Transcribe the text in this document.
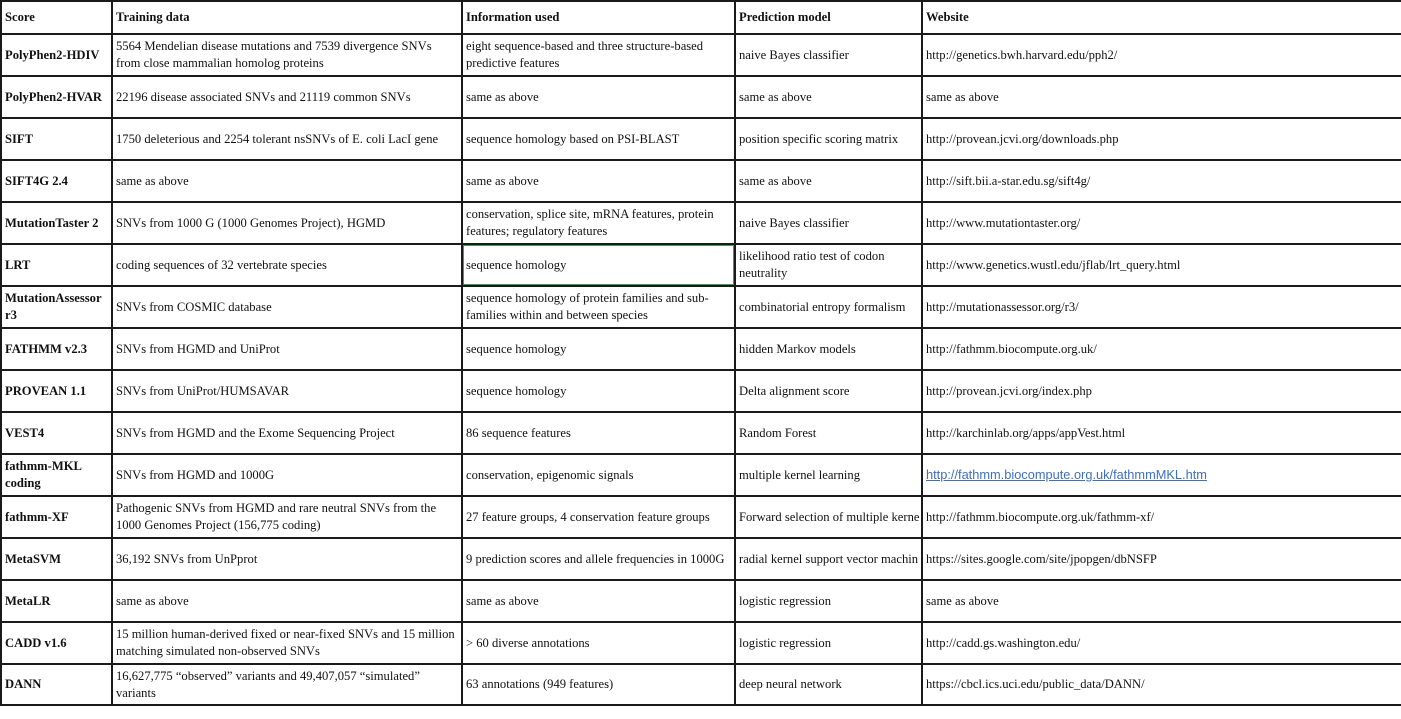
Score	Training data	Information used	Prediction model	Website
PolyPhen2-HDIV	5564 Mendelian disease mutations and 7539 divergence SNVs from close mammalian homolog proteins	eight sequence-based and three structure-based predictive features	naive Bayes classifier	http://genetics.bwh.harvard.edu/pph2/
PolyPhen2-HVAR	22196 disease associated SNVs and 21119 common SNVs	same as above	same as above	same as above
SIFT	1750 deleterious and 2254 tolerant nsSNVs of E. coli LacI gene	sequence homology based on PSI-BLAST	position specific scoring matrix	http://provean.jcvi.org/downloads.php
SIFT4G 2.4	same as above	same as above	same as above	http://sift.bii.a-star.edu.sg/sift4g/
MutationTaster 2	SNVs from 1000 G (1000 Genomes Project), HGMD	conservation, splice site, mRNA features, protein features; regulatory features	naive Bayes classifier	http://www.mutationtaster.org/
LRT	coding sequences of 32 vertebrate species	sequence homology	likelihood ratio test of codon neutrality	http://www.genetics.wustl.edu/jflab/lrt_query.html
MutationAssessor r3	SNVs from COSMIC database	sequence homology of protein families and sub-families within and between species	combinatorial entropy formalism	http://mutationassessor.org/r3/
FATHMM v2.3	SNVs from HGMD and UniProt	sequence homology	hidden Markov models	http://fathmm.biocompute.org.uk/
PROVEAN 1.1	SNVs from UniProt/HUMSAVAR	sequence homology	Delta alignment score	http://provean.jcvi.org/index.php
VEST4	SNVs from HGMD and the Exome Sequencing Project	86 sequence features	Random Forest	http://karchinlab.org/apps/appVest.html
fathmm-MKL coding	SNVs from HGMD and 1000G	conservation, epigenomic signals	multiple kernel learning	http://fathmm.biocompute.org.uk/fathmmMKL.htm
fathmm-XF	Pathogenic SNVs from HGMD and rare neutral SNVs from the 1000 Genomes Project (156,775 coding)	27 feature groups, 4 conservation feature groups	Forward selection of multiple kerne	http://fathmm.biocompute.org.uk/fathmm-xf/
MetaSVM	36,192 SNVs from UnPprot	9 prediction scores and allele frequencies in 1000G	radial kernel support vector machin	https://sites.google.com/site/jpopgen/dbNSFP
MetaLR	same as above	same as above	logistic regression	same as above
CADD v1.6	15 million human-derived fixed or near-fixed SNVs and 15 million matching simulated non-observed SNVs	> 60 diverse annotations	logistic regression	http://cadd.gs.washington.edu/
DANN	16,627,775 “observed” variants and 49,407,057 “simulated” variants	63 annotations (949 features)	deep neural network	https://cbcl.ics.uci.edu/public_data/DANN/
